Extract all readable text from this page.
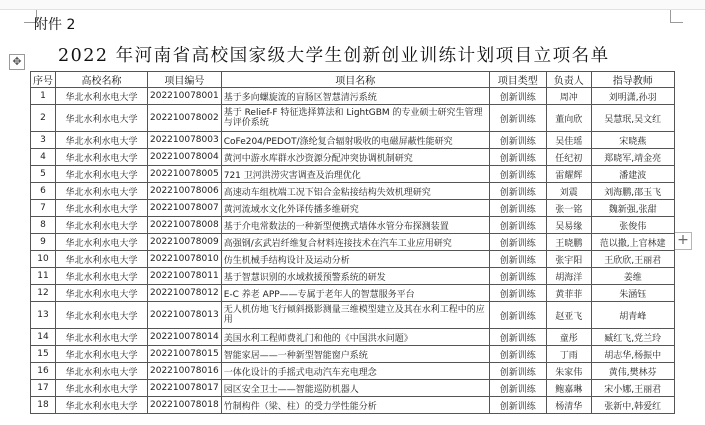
附件 2
2022 年河南省高校国家级大学生创新创业训练计划项目立项名单
✥
+
序号	高校名称	项目编号	项目名称	项目类型	负责人	指导教师
1	华北水利水电大学	202210078001	基于多向螺旋流的盲肠区智慧清污系统	创新训练	周冲	刘明潇,孙羽
2	华北水利水电大学	202210078002	基于 Relief-F 特征选择算法和 LightGBM 的专业硕士研究生管理与评价系统	创新训练	董向欣	吴慧珉,吴文红
3	华北水利水电大学	202210078003	CoFe204/PEDOT/涤纶复合辐射吸收的电磁屏蔽性能研究	创新训练	吴佳瑶	宋晓燕
4	华北水利水电大学	202210078004	黄河中游水库群水沙资源分配冲突协调机制研究	创新训练	任纪初	郑晓军,靖金亮
5	华北水利水电大学	202210078005	721 卫河洪涝灾害调查及治理优化	创新训练	雷耀辉	潘建波
6	华北水利水电大学	202210078006	高速动车组枕端工况下铝合金粘接结构失效机理研究	创新训练	刘震	刘海鹏,邵玉飞
7	华北水利水电大学	202210078007	黄河流域水文化外译传播多维研究	创新训练	张一铭	魏新强,张甜
8	华北水利水电大学	202210078008	基于介电常数法的一种新型便携式墙体水管分布探测装置	创新训练	吴易缘	张俊伟
9	华北水利水电大学	202210078009	高强钢/玄武岩纤维复合材料连接技术在汽车工业应用研究	创新训练	王晓鹏	范以撒,上官林建
10	华北水利水电大学	202210078010	仿生机械手结构设计及运动分析	创新训练	张宇阳	王欣欣,王丽君
11	华北水利水电大学	202210078011	基于智慧识别的水域救援预警系统的研发	创新训练	胡海洋	姜维
12	华北水利水电大学	202210078012	E-C 养老 APP——专属于老年人的智慧服务平台	创新训练	黄菲菲	朱涵钰
13	华北水利水电大学	202210078013	无人机仿地飞行倾斜摄影测量三维模型建立及其在水利工程中的应用	创新训练	赵亚飞	胡青峰
14	华北水利水电大学	202210078014	美国水利工程师费礼门和他的《中国洪水问题》	创新训练	童彤	臧红飞,党兰玲
15	华北水利水电大学	202210078015	智能家居——一种新型智能窗户系统	创新训练	丁雨	胡志华,杨振中
16	华北水利水电大学	202210078016	一体化设计的手摇式电动汽车充电理念	创新训练	朱家伟	黄伟,樊林芬
17	华北水利水电大学	202210078017	园区安全卫士——智能巡防机器人	创新训练	鲍嘉琳	宋小娜,王丽君
18	华北水利水电大学	202210078018	竹制构件（梁、柱）的受力学性能分析	创新训练	杨清华	张新中,韩爱红
